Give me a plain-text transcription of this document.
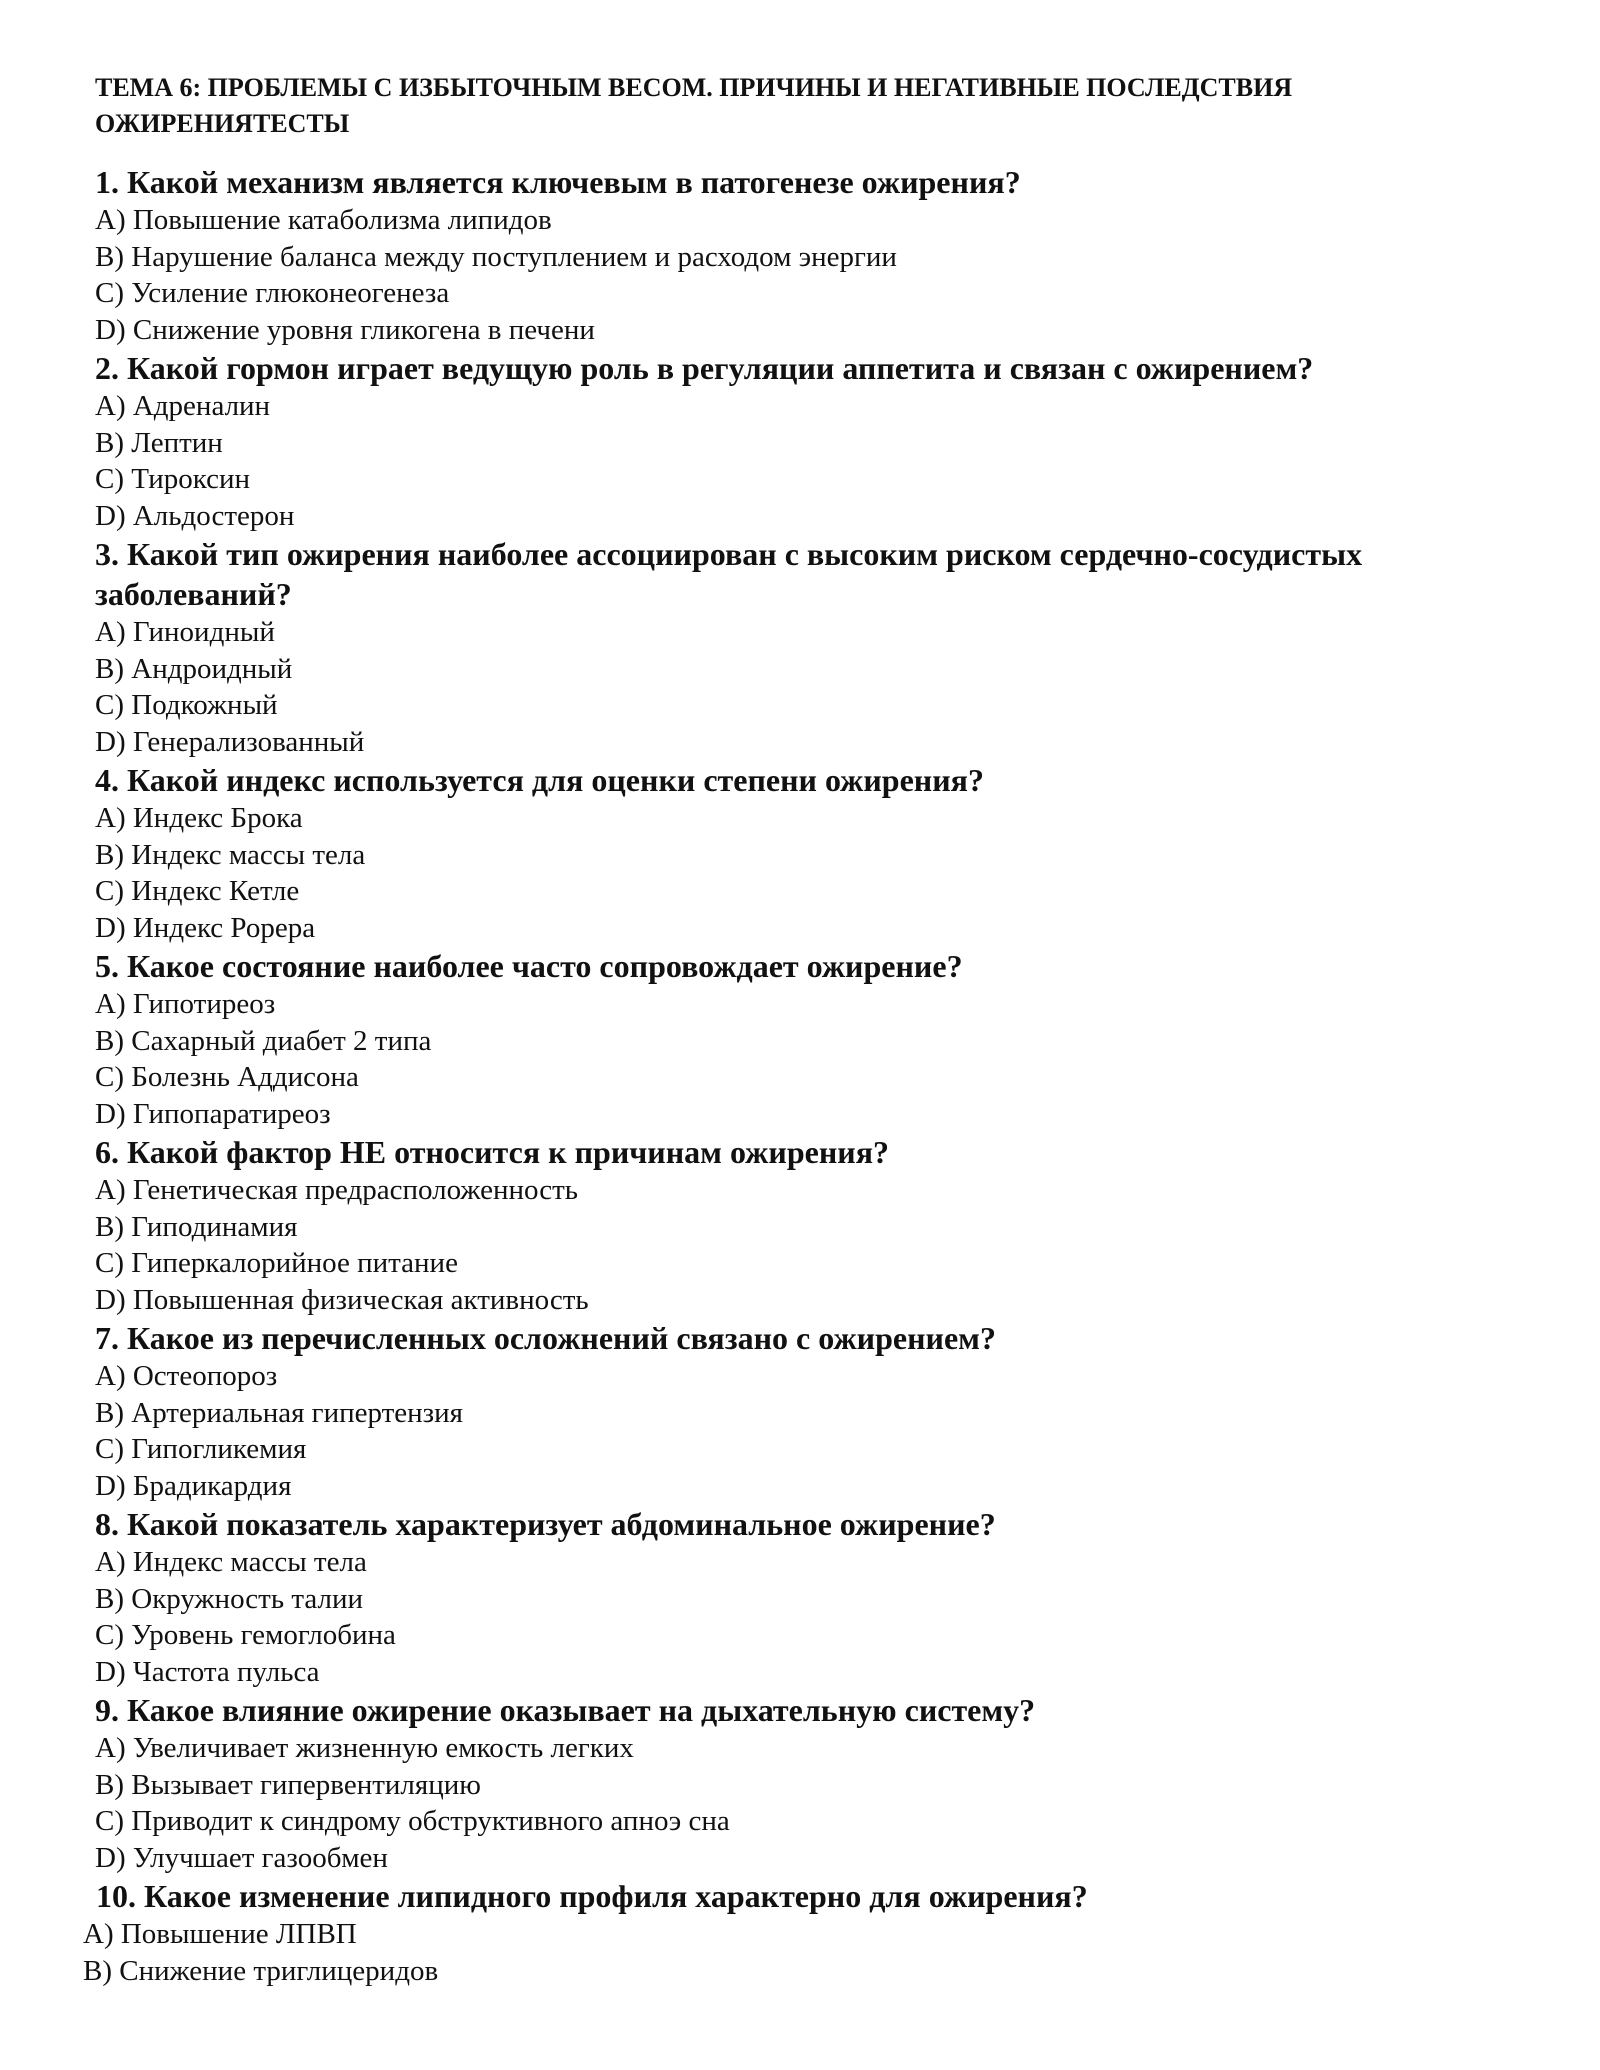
ТЕМА 6: ПРОБЛЕМЫ С ИЗБЫТОЧНЫМ ВЕСОМ. ПРИЧИНЫ И НЕГАТИВНЫЕ ПОСЛЕДСТВИЯ ОЖИРЕНИЯТЕСТЫ

1. Какой механизм является ключевым в патогенезе ожирения?

A) Повышение катаболизма липидов

B) Нарушение баланса между поступлением и расходом энергии

C) Усиление глюконеогенеза

D) Снижение уровня гликогена в печени

2. Какой гормон играет ведущую роль в регуляции аппетита и связан с ожирением?

A) Адреналин

B) Лептин

C) Тироксин

D) Альдостерон

3. Какой тип ожирения наиболее ассоциирован с высоким риском сердечно-сосудистых заболеваний?

A) Гиноидный

B) Андроидный

C) Подкожный

D) Генерализованный

4. Какой индекс используется для оценки степени ожирения?

A) Индекс Брока

B) Индекс массы тела

C) Индекс Кетле

D) Индекс Рорера

5. Какое состояние наиболее часто сопровождает ожирение?

A) Гипотиреоз

B) Сахарный диабет 2 типа

C) Болезнь Аддисона

D) Гипопаратиреоз

6. Какой фактор НЕ относится к причинам ожирения?

A) Генетическая предрасположенность

B) Гиподинамия

C) Гиперкалорийное питание

D) Повышенная физическая активность

7. Какое из перечисленных осложнений связано с ожирением?

A) Остеопороз

B) Артериальная гипертензия

C) Гипогликемия

D) Брадикардия

8. Какой показатель характеризует абдоминальное ожирение?

A) Индекс массы тела

B) Окружность талии

C) Уровень гемоглобина

D) Частота пульса

9. Какое влияние ожирение оказывает на дыхательную систему?

A) Увеличивает жизненную емкость легких

B) Вызывает гипервентиляцию

C) Приводит к синдрому обструктивного апноэ сна

D) Улучшает газообмен

10. Какое изменение липидного профиля характерно для ожирения?

A) Повышение ЛПВП

B) Снижение триглицеридов
